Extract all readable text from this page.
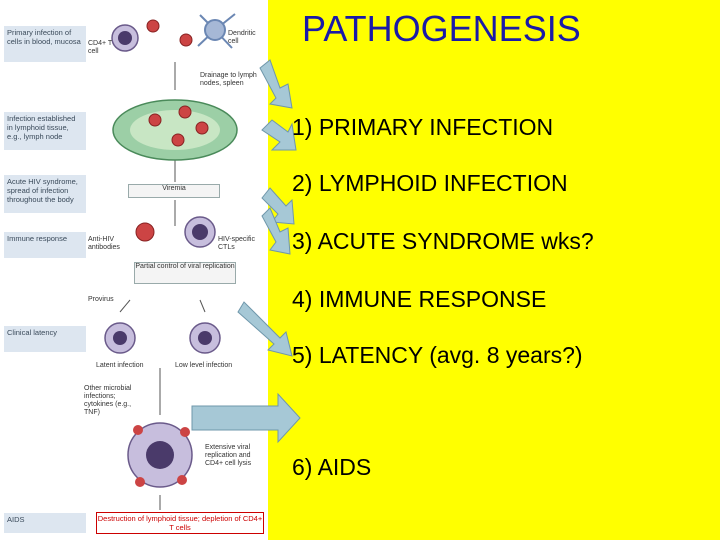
Primary infection of cells in blood, mucosa
Infection established in lymphoid tissue, e.g., lymph node
Acute HIV syndrome, spread of infection throughout the body
Immune response
Clinical latency
AIDS
CD4+ T cell
Dendritic cell
Drainage to lymph nodes, spleen
Viremia
Anti-HIV antibodies
HIV-specific CTLs
Partial control of viral replication
Provirus
Latent infection	Low level infection
Other microbial infections; cytokines (e.g., TNF)
Extensive viral replication and CD4+ cell lysis
Destruction of lymphoid tissue; depletion of CD4+ T cells
PATHOGENESIS
1) PRIMARY INFECTION
2) LYMPHOID INFECTION
3) ACUTE SYNDROME wks?
4) IMMUNE RESPONSE
5) LATENCY (avg. 8 years?)
6) AIDS
